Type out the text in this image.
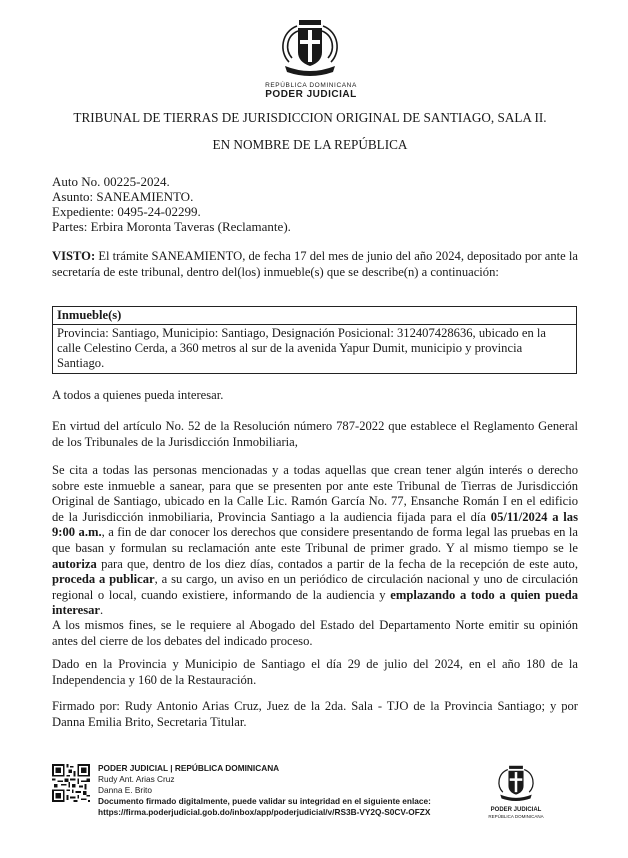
REPÚBLICA DOMINICANA
PODER JUDICIAL
TRIBUNAL DE TIERRAS DE JURISDICCION ORIGINAL DE SANTIAGO, SALA II.
EN NOMBRE DE LA REPÚBLICA
Auto No. 00225-2024.
Asunto: SANEAMIENTO.
Expediente: 0495-24-02299.
Partes: Erbira Moronta Taveras (Reclamante).
VISTO: El trámite SANEAMIENTO, de fecha 17 del mes de junio del año 2024, depositado por ante la secretaría de este tribunal, dentro del(los) inmueble(s) que se describe(n) a continuación:
Inmueble(s)
Provincia: Santiago, Municipio: Santiago, Designación Posicional: 312407428636, ubicado en la calle Celestino Cerda, a 360 metros al sur de la avenida Yapur Dumit, municipio y provincia Santiago.
A todos a quienes pueda interesar.
En virtud del artículo No. 52 de la Resolución número 787-2022 que establece el Reglamento General de los Tribunales de la Jurisdicción Inmobiliaria,
Se cita a todas las personas mencionadas y a todas aquellas que crean tener algún interés o derecho sobre este inmueble a sanear, para que se presenten por ante este Tribunal de Tierras de Jurisdicción Original de Santiago, ubicado en la Calle Lic. Ramón García No. 77, Ensanche Román I en el edificio de la Jurisdicción inmobiliaria, Provincia Santiago a la audiencia fijada para el día 05/11/2024 a las 9:00 a.m., a fin de dar conocer los derechos que considere presentando de forma legal las pruebas en la que basan y formulan su reclamación ante este Tribunal de primer grado. Y al mismo tiempo se le autoriza para que, dentro de los diez días, contados a partir de la fecha de la recepción de este auto, proceda a publicar, a su cargo, un aviso en un periódico de circulación nacional y uno de circulación regional o local, cuando existiere, informando de la audiencia y emplazando a todo a quien pueda interesar.
A los mismos fines, se le requiere al Abogado del Estado del Departamento Norte emitir su opinión antes del cierre de los debates del indicado proceso.
Dado en la Provincia y Municipio de Santiago el día 29 de julio del 2024, en el año 180 de la Independencia y 160 de la Restauración.
Firmado por: Rudy Antonio Arias Cruz, Juez de la 2da. Sala - TJO de la Provincia Santiago; y por Danna Emilia Brito, Secretaria Titular.
PODER JUDICIAL | REPÚBLICA DOMINICANA
Rudy Ant. Arias Cruz
Danna E. Brito
Documento firmado digitalmente, puede validar su integridad en el siguiente enlace:
https://firma.poderjudicial.gob.do/inbox/app/poderjudicial/v/RS3B-VY2Q-S0CV-OFZX	PODER JUDICIAL
REPÚBLICA DOMINICANA
